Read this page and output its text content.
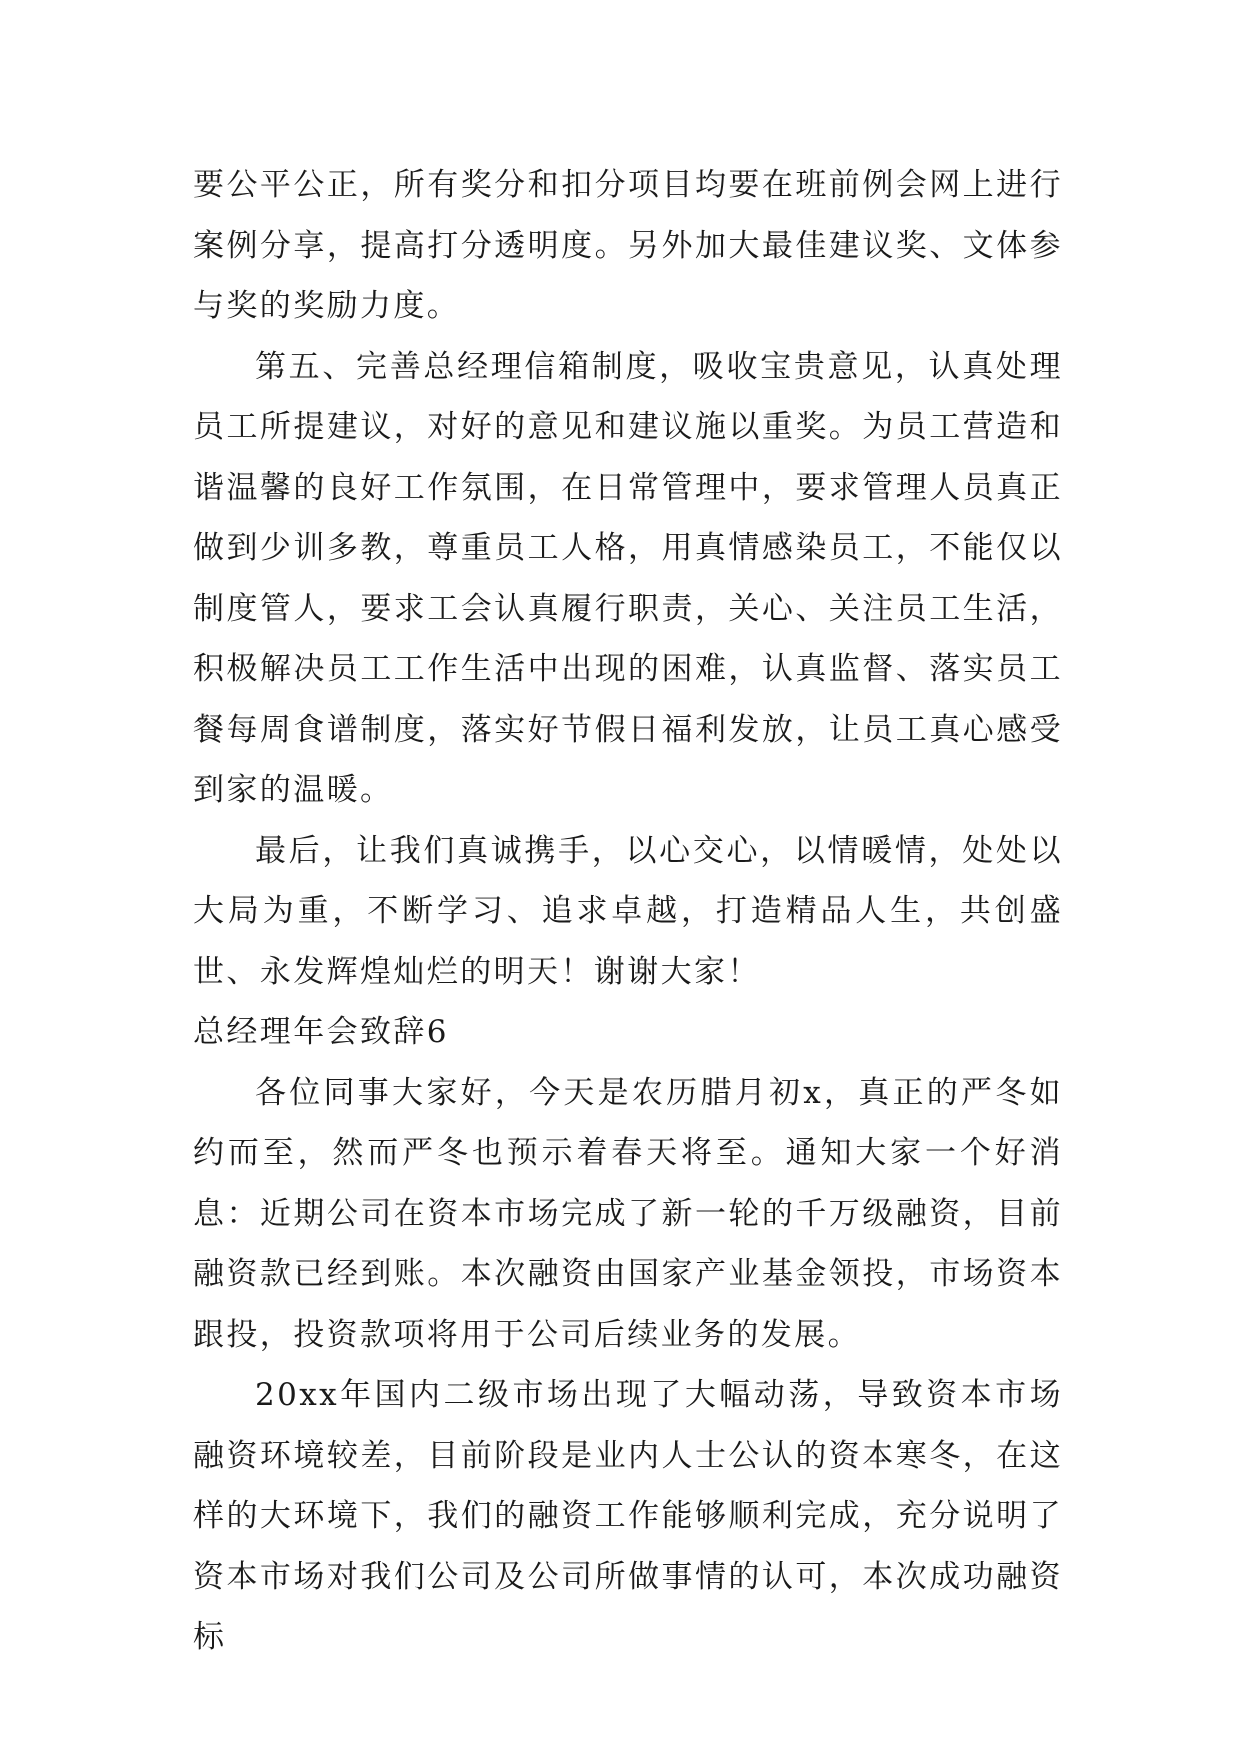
要公平公正，所有奖分和扣分项目均要在班前例会网上进行案例分享，提高打分透明度。另外加大最佳建议奖、文体参与奖的奖励力度。

第五、完善总经理信箱制度，吸收宝贵意见，认真处理员工所提建议，对好的意见和建议施以重奖。为员工营造和谐温馨的良好工作氛围，在日常管理中，要求管理人员真正做到少训多教，尊重员工人格，用真情感染员工，不能仅以制度管人，要求工会认真履行职责，关心、关注员工生活，积极解决员工工作生活中出现的困难，认真监督、落实员工餐每周食谱制度，落实好节假日福利发放，让员工真心感受到家的温暖。

最后，让我们真诚携手，以心交心，以情暖情，处处以大局为重，不断学习、追求卓越，打造精品人生，共创盛世、永发辉煌灿烂的明天！谢谢大家！

总经理年会致辞6

各位同事大家好，今天是农历腊月初x，真正的严冬如约而至，然而严冬也预示着春天将至。通知大家一个好消息：近期公司在资本市场完成了新一轮的千万级融资，目前融资款已经到账。本次融资由国家产业基金领投，市场资本跟投，投资款项将用于公司后续业务的发展。

20xx年国内二级市场出现了大幅动荡，导致资本市场融资环境较差，目前阶段是业内人士公认的资本寒冬，在这样的大环境下，我们的融资工作能够顺利完成，充分说明了资本市场对我们公司及公司所做事情的认可，本次成功融资标
